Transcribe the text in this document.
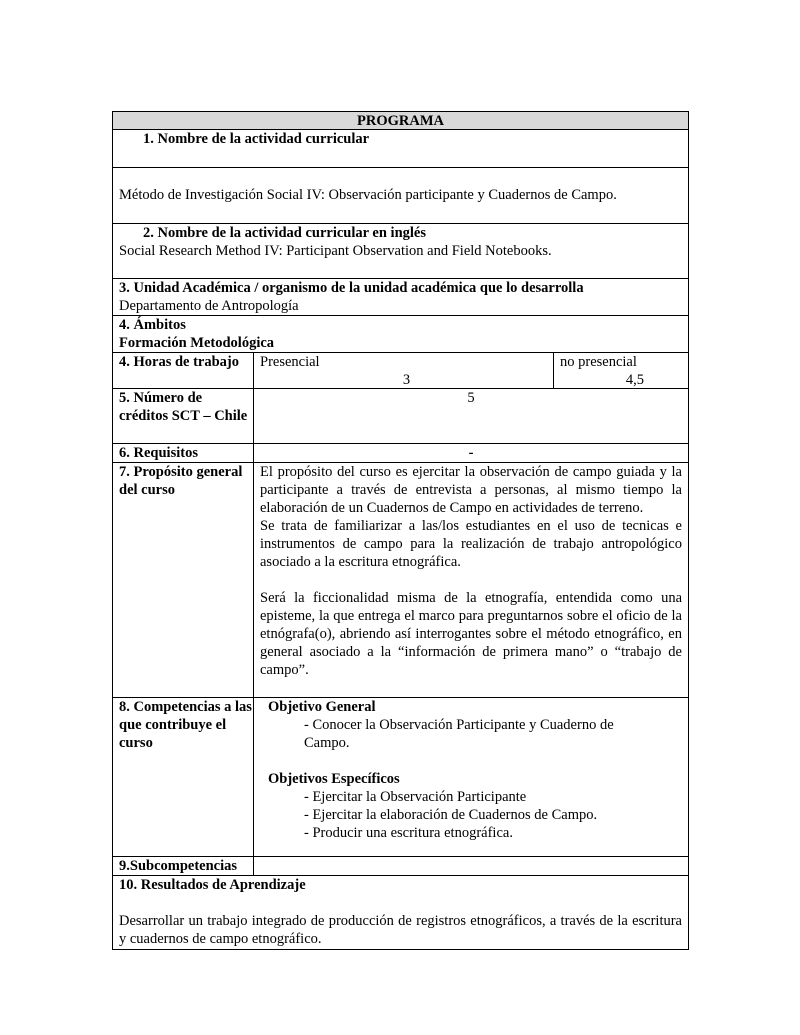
PROGRAMA
1. Nombre de la actividad curricular
Método de Investigación Social IV: Observación participante y Cuadernos de Campo.
2. Nombre de la actividad curricular en inglés
Social Research Method IV: Participant Observation and Field Notebooks.
3. Unidad Académica / organismo de la unidad académica que lo desarrolla
Departamento de Antropología
4. Ámbitos
Formación Metodológica
4. Horas de trabajo	Presencial
3
no presencial
4,5
5. Número de créditos SCT – Chile
5
6. Requisitos	-
7. Propósito general del curso

El propósito del curso es ejercitar la observación de campo guiada y la participante a través de entrevista a personas, al mismo tiempo la elaboración de un Cuadernos de Campo en actividades de terreno.

Se trata de familiarizar a las/los estudiantes en el uso de tecnicas e instrumentos de campo para la realización de trabajo antropológico asociado a la escritura etnográfica.

Será la ficcionalidad misma de la etnografía, entendida como una episteme, la que entrega el marco para preguntarnos sobre el oficio de la etnógrafa(o), abriendo así interrogantes sobre el método etnográfico, en general asociado a la “información de primera mano” o “trabajo de campo”.

8. Competencias a las que contribuye el curso
Objetivo General
- Conocer la Observación Participante y Cuaderno de Campo.
Objetivos Específicos
- Ejercitar la Observación Participante
- Ejercitar la elaboración de Cuadernos de Campo.
- Producir una escritura etnográfica.
9.Subcompetencias
10. Resultados de Aprendizaje
Desarrollar un trabajo integrado de producción de registros etnográficos, a través de la escritura y cuadernos de campo etnográfico.
